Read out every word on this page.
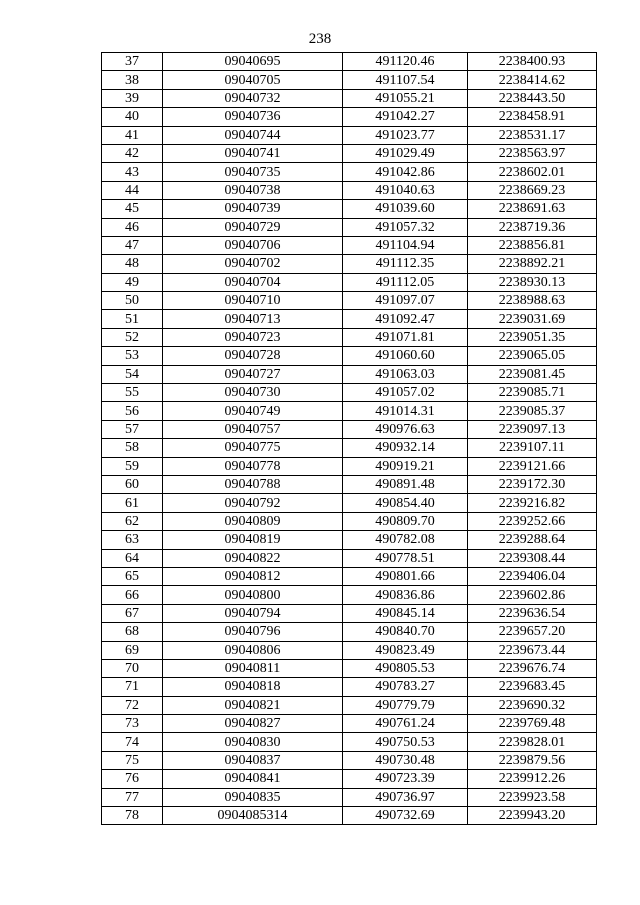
238
37	09040695	491120.46	2238400.93
38	09040705	491107.54	2238414.62
39	09040732	491055.21	2238443.50
40	09040736	491042.27	2238458.91
41	09040744	491023.77	2238531.17
42	09040741	491029.49	2238563.97
43	09040735	491042.86	2238602.01
44	09040738	491040.63	2238669.23
45	09040739	491039.60	2238691.63
46	09040729	491057.32	2238719.36
47	09040706	491104.94	2238856.81
48	09040702	491112.35	2238892.21
49	09040704	491112.05	2238930.13
50	09040710	491097.07	2238988.63
51	09040713	491092.47	2239031.69
52	09040723	491071.81	2239051.35
53	09040728	491060.60	2239065.05
54	09040727	491063.03	2239081.45
55	09040730	491057.02	2239085.71
56	09040749	491014.31	2239085.37
57	09040757	490976.63	2239097.13
58	09040775	490932.14	2239107.11
59	09040778	490919.21	2239121.66
60	09040788	490891.48	2239172.30
61	09040792	490854.40	2239216.82
62	09040809	490809.70	2239252.66
63	09040819	490782.08	2239288.64
64	09040822	490778.51	2239308.44
65	09040812	490801.66	2239406.04
66	09040800	490836.86	2239602.86
67	09040794	490845.14	2239636.54
68	09040796	490840.70	2239657.20
69	09040806	490823.49	2239673.44
70	09040811	490805.53	2239676.74
71	09040818	490783.27	2239683.45
72	09040821	490779.79	2239690.32
73	09040827	490761.24	2239769.48
74	09040830	490750.53	2239828.01
75	09040837	490730.48	2239879.56
76	09040841	490723.39	2239912.26
77	09040835	490736.97	2239923.58
78	0904085314	490732.69	2239943.20
